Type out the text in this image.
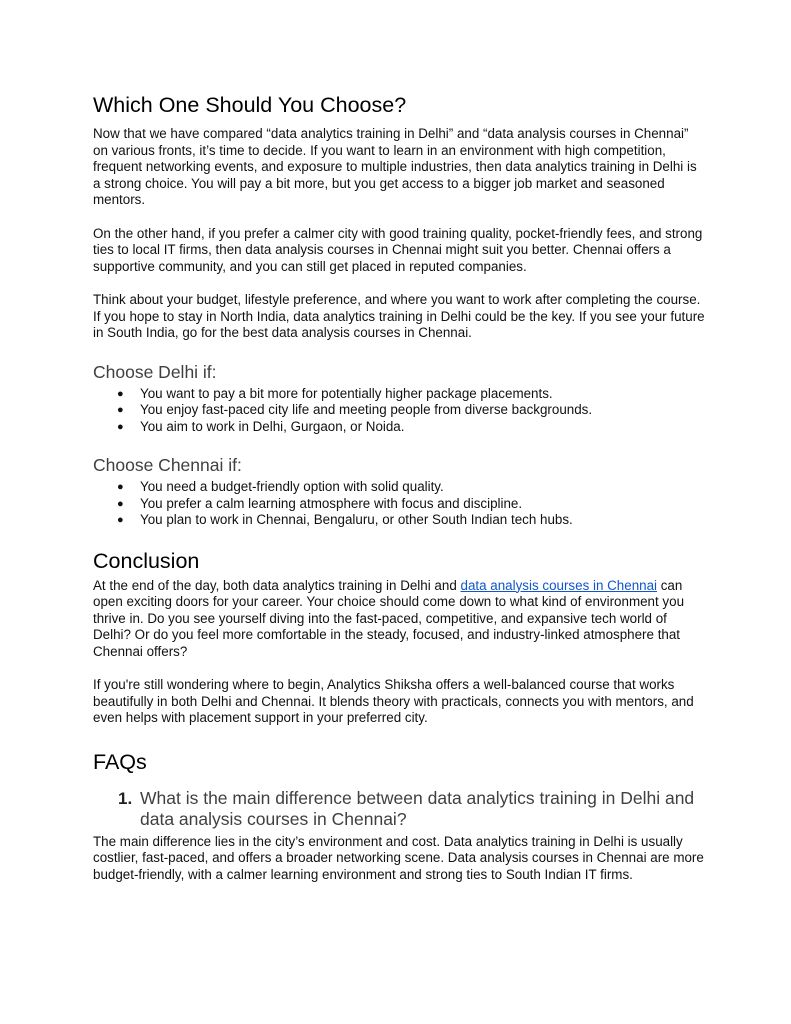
Which One Should You Choose?

Now that we have compared “data analytics training in Delhi” and “data analysis courses in Chennai” on various fronts, it’s time to decide. If you want to learn in an environment with high competition, frequent networking events, and exposure to multiple industries, then data analytics training in Delhi is a strong choice. You will pay a bit more, but you get access to a bigger job market and seasoned mentors.

On the other hand, if you prefer a calmer city with good training quality, pocket-friendly fees, and strong ties to local IT firms, then data analysis courses in Chennai might suit you better. Chennai offers a supportive community, and you can still get placed in reputed companies.

Think about your budget, lifestyle preference, and where you want to work after completing the course. If you hope to stay in North India, data analytics training in Delhi could be the key. If you see your future in South India, go for the best data analysis courses in Chennai.

Choose Delhi if:
● You want to pay a bit more for potentially higher package placements.
● You enjoy fast-paced city life and meeting people from diverse backgrounds.
● You aim to work in Delhi, Gurgaon, or Noida.
Choose Chennai if:
● You need a budget-friendly option with solid quality.
● You prefer a calm learning atmosphere with focus and discipline.
● You plan to work in Chennai, Bengaluru, or other South Indian tech hubs.
Conclusion

At the end of the day, both data analytics training in Delhi and data analysis courses in Chennai can open exciting doors for your career. Your choice should come down to what kind of environment you thrive in. Do you see yourself diving into the fast-paced, competitive, and expansive tech world of Delhi? Or do you feel more comfortable in the steady, focused, and industry-linked atmosphere that Chennai offers?

If you're still wondering where to begin, Analytics Shiksha offers a well-balanced course that works beautifully in both Delhi and Chennai. It blends theory with practicals, connects you with mentors, and even helps with placement support in your preferred city.

FAQs
1. What is the main difference between data analytics training in Delhi and data analysis courses in Chennai?

The main difference lies in the city’s environment and cost. Data analytics training in Delhi is usually costlier, fast-paced, and offers a broader networking scene. Data analysis courses in Chennai are more budget-friendly, with a calmer learning environment and strong ties to South Indian IT firms.
